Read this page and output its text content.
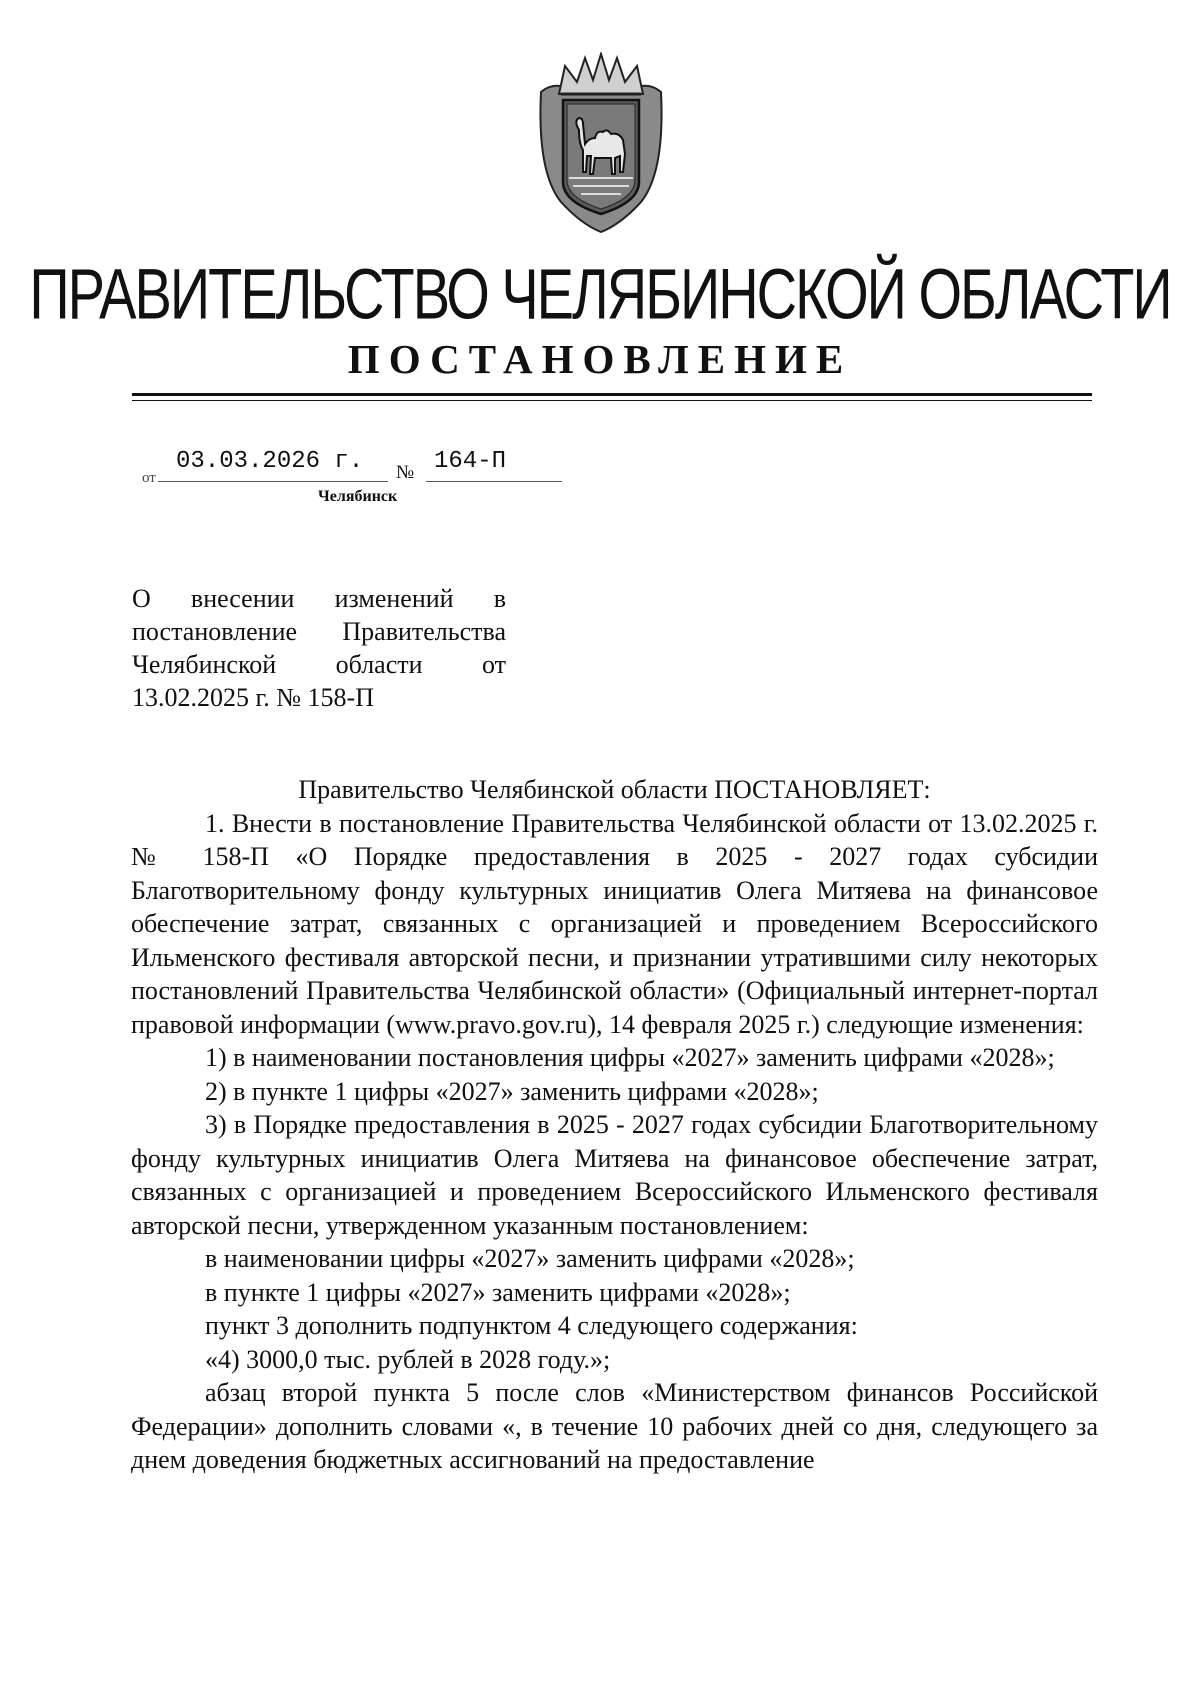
ПРАВИТЕЛЬСТВО ЧЕЛЯБИНСКОЙ ОБЛАСТИ
ПОСТАНОВЛЕНИЕ
от
03.03.2026 г. № 164-П
Челябинск

О внесении изменений в постановление Правительства Челябинской области от 13.02.2025 г. № 158-П

Правительство Челябинской области ПОСТАНОВЛЯЕТ:

1. Внести в постановление Правительства Челябинской области от 13.02.2025 г. № 158-П «О Порядке предоставления в 2025 - 2027 годах субсидии Благотворительному фонду культурных инициатив Олега Митяева на финансовое обеспечение затрат, связанных с организацией и проведением Всероссийского Ильменского фестиваля авторской песни, и признании утратившими силу некоторых постановлений Правительства Челябинской области» (Официальный интернет-портал правовой информации (www.pravo.gov.ru), 14 февраля 2025 г.) следующие изменения:

1) в наименовании постановления цифры «2027» заменить цифрами «2028»;

2) в пункте 1 цифры «2027» заменить цифрами «2028»;

3) в Порядке предоставления в 2025 - 2027 годах субсидии Благотворительному фонду культурных инициатив Олега Митяева на финансовое обеспечение затрат, связанных с организацией и проведением Всероссийского Ильменского фестиваля авторской песни, утвержденном указанным постановлением:

в наименовании цифры «2027» заменить цифрами «2028»;

в пункте 1 цифры «2027» заменить цифрами «2028»;

пункт 3 дополнить подпунктом 4 следующего содержания:

«4) 3000,0 тыс. рублей в 2028 году.»;

абзац второй пункта 5 после слов «Министерством финансов Российской Федерации» дополнить словами «, в течение 10 рабочих дней со дня, следующего за днем доведения бюджетных ассигнований на предоставление
